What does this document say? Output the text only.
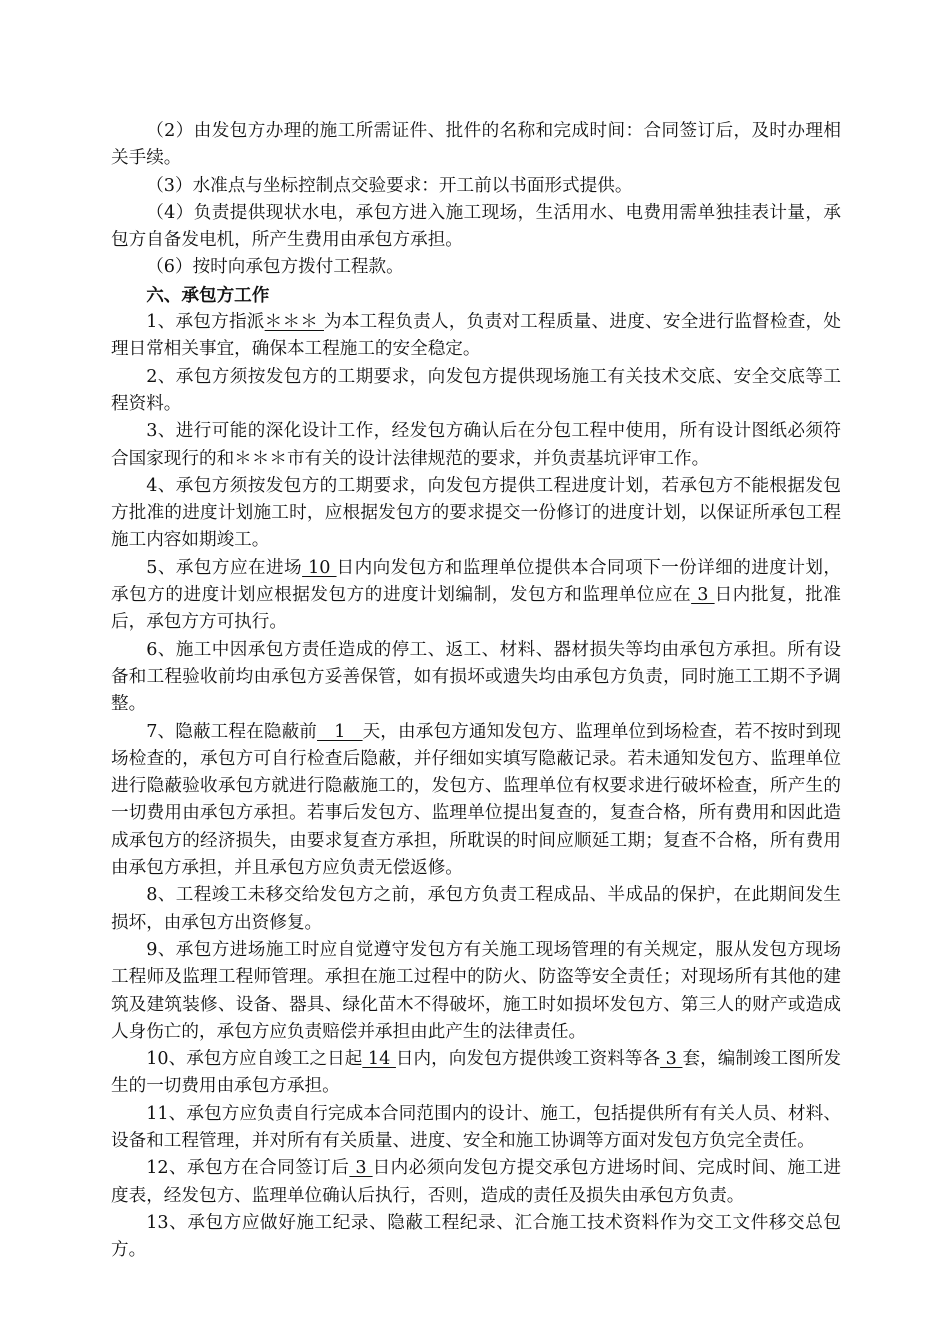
（2）由发包方办理的施工所需证件、批件的名称和完成时间：合同签订后，及时办理相关手续。

（3）水准点与坐标控制点交验要求：开工前以书面形式提供。

（4）负责提供现状水电，承包方进入施工现场，生活用水、电费用需单独挂表计量，承包方自备发电机，所产生费用由承包方承担。

（6）按时向承包方拨付工程款。

六、承包方工作

1、承包方指派＊＊＊ 为本工程负责人，负责对工程质量、进度、安全进行监督检查，处理日常相关事宜，确保本工程施工的安全稳定。

2、承包方须按发包方的工期要求，向发包方提供现场施工有关技术交底、安全交底等工程资料。

3、进行可能的深化设计工作，经发包方确认后在分包工程中使用，所有设计图纸必须符合国家现行的和＊＊＊市有关的设计法律规范的要求，并负责基坑评审工作。

4、承包方须按发包方的工期要求，向发包方提供工程进度计划，若承包方不能根据发包方批准的进度计划施工时，应根据发包方的要求提交一份修订的进度计划，以保证所承包工程施工内容如期竣工。

5、承包方应在进场 10 日内向发包方和监理单位提供本合同项下一份详细的进度计划，承包方的进度计划应根据发包方的进度计划编制，发包方和监理单位应在 3 日内批复，批准后，承包方方可执行。

6、施工中因承包方责任造成的停工、返工、材料、器材损失等均由承包方承担。所有设备和工程验收前均由承包方妥善保管，如有损坏或遗失均由承包方负责，同时施工工期不予调整。

7、隐蔽工程在隐蔽前   1   天，由承包方通知发包方、监理单位到场检查，若不按时到现场检查的，承包方可自行检查后隐蔽，并仔细如实填写隐蔽记录。若未通知发包方、监理单位进行隐蔽验收承包方就进行隐蔽施工的，发包方、监理单位有权要求进行破坏检查，所产生的一切费用由承包方承担。若事后发包方、监理单位提出复查的，复查合格，所有费用和因此造成承包方的经济损失，由要求复查方承担，所耽误的时间应顺延工期；复查不合格，所有费用由承包方承担，并且承包方应负责无偿返修。

8、工程竣工未移交给发包方之前，承包方负责工程成品、半成品的保护，在此期间发生损坏，由承包方出资修复。

9、承包方进场施工时应自觉遵守发包方有关施工现场管理的有关规定，服从发包方现场工程师及监理工程师管理。承担在施工过程中的防火、防盗等安全责任；对现场所有其他的建筑及建筑装修、设备、器具、绿化苗木不得破坏，施工时如损坏发包方、第三人的财产或造成人身伤亡的，承包方应负责赔偿并承担由此产生的法律责任。

10、承包方应自竣工之日起 14 日内，向发包方提供竣工资料等各 3 套，编制竣工图所发生的一切费用由承包方承担。

11、承包方应负责自行完成本合同范围内的设计、施工，包括提供所有有关人员、材料、设备和工程管理，并对所有有关质量、进度、安全和施工协调等方面对发包方负完全责任。

12、承包方在合同签订后 3 日内必须向发包方提交承包方进场时间、完成时间、施工进度表，经发包方、监理单位确认后执行，否则，造成的责任及损失由承包方负责。

13、承包方应做好施工纪录、隐蔽工程纪录、汇合施工技术资料作为交工文件移交总包方。
